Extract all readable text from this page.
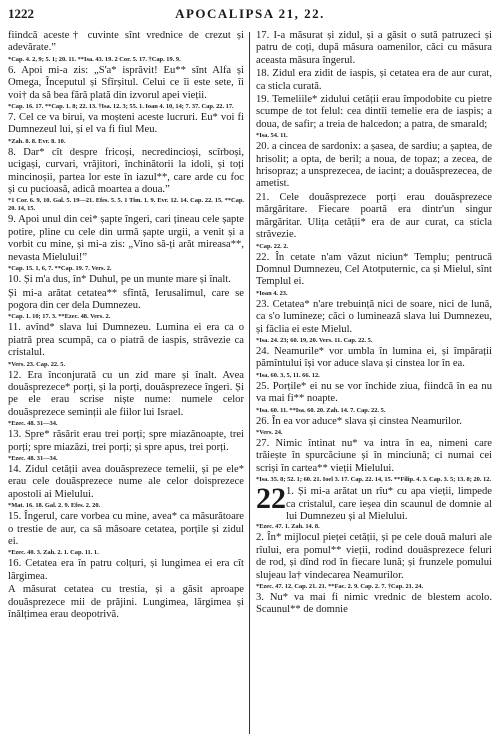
1222	APOCALIPSA 21, 22.
fiindcă aceste† cuvinte sînt vrednice de crezut și adevărate.”
*Cap. 4. 2, 9; 5. 1; 20. 11. **Isa. 43. 19. 2 Cor. 5. 17. †Cap. 19. 9.
6. Apoi mi-a zis: „S'a* isprăvit! Eu** sînt Alfa și Omega, Începutul și Sfîrșitul. Celui ce îi este sete, îi voi† da să bea fără plată din izvorul apei vieții.
*Cap. 16. 17. **Cap. 1. 8; 22. 13. †Isa. 12. 3; 55. 1. Ioan 4. 10, 14; 7. 37. Cap. 22. 17.
7. Cel ce va birui, va moșteni aceste lucruri. Eu* voi fi Dumnezeul lui, și el va fi fiul Meu.
*Zah. 8. 8. Evr. 8. 10.
8. Dar* cît despre fricoși, necredincioși, scîrboși, ucigași, curvari, vrăjitori, închinătorii la idoli, și toți mincinoșii, partea lor este în iazul**, care arde cu foc și cu pucioasă, adică moartea a doua.”
*1 Cor. 6. 9, 10. Gal. 5. 19—21. Efes. 5. 5. 1 Tim. 1. 9. Evr. 12. 14. Cap. 22. 15. **Cap. 20. 14, 15.
9. Apoi unul din cei* șapte îngeri, cari țineau cele șapte potire, pline cu cele din urmă șapte urgii, a venit și a vorbit cu mine, și mi-a zis: „Vino să-ți arăt mireasa**, nevasta Mielului!”
*Cap. 15. 1, 6, 7. **Cap. 19. 7. Vers. 2.
10. Și m'a dus, în* Duhul, pe un munte mare și înalt.
Și mi-a arătat cetatea** sfîntă, Ierusalimul, care se pogora din cer dela Dumnezeu.
*Cap. 1. 10; 17. 3. **Ezec. 48. Vers. 2.
11. avînd* slava lui Dumnezeu. Lumina ei era ca o piatră prea scumpă, ca o piatră de iaspis, străvezie ca cristalul.
*Vers. 23. Cap. 22. 5.
12. Era înconjurată cu un zid mare și înalt. Avea douăsprezece* porți, și la porți, douăsprezece îngeri. Și pe ele erau scrise niște nume: numele celor douăsprezece seminții ale fiilor lui Israel.
*Ezec. 48. 31—34.
13. Spre* răsărit erau trei porți; spre miazănoapte, trei porți; spre miazăzi, trei porți; și spre apus, trei porți.
*Ezec. 48. 31—34.
14. Zidul cetății avea douăsprezece temelii, și pe ele* erau cele douăsprezece nume ale celor doisprezece apostoli ai Mielului.
*Mat. 16. 18. Gal. 2. 9. Efes. 2. 20.
15. Îngerul, care vorbea cu mine, avea* ca măsurătoare o trestie de aur, ca să măsoare cetatea, porțile și zidul ei.
*Ezec. 40. 3. Zah. 2. 1. Cap. 11. 1.
16. Cetatea era în patru colțuri, și lungimea ei era cît lărgimea.
A măsurat cetatea cu trestia, și a găsit aproape douăsprezece mii de prăjini. Lungimea, lărgimea și înălțimea erau deopotrivă.
17. I-a măsurat și zidul, și a găsit o sută patruzeci și patru de coți, după măsura oamenilor, căci cu măsura aceasta măsura îngerul.
18. Zidul era zidit de iaspis, și cetatea era de aur curat, ca sticla curată.
19. Temeliile* zidului cetății erau împodobite cu pietre scumpe de tot felul: cea dintîi temelie era de iaspis; a doua, de safir; a treia de halcedon; a patra, de smarald;
*Isa. 54. 11.
20. a cincea de sardonix: a șasea, de sardiu; a șaptea, de hrisolit; a opta, de beril; a noua, de topaz; a zecea, de hrisopraz; a unsprezecea, de iacint; a douăsprezecea, de ametist.
21. Cele douăsprezece porți erau douăsprezece mărgăritare. Fiecare poartă era dintr'un singur mărgăritar. Ulița cetății* era de aur curat, ca sticla străvezie.
*Cap. 22. 2.
22. În cetate n'am văzut niciun* Templu; pentrucă Domnul Dumnezeu, Cel Atotputernic, ca și Mielul, sînt Templul ei.
*Ioan 4. 23.
23. Cetatea* n'are trebuință nici de soare, nici de lună, ca s'o lumineze; căci o luminează slava lui Dumnezeu, și făclia ei este Mielul.
*Isa. 24. 23; 60. 19, 20. Vers. 11. Cap. 22. 5.
24. Neamurile* vor umbla în lumina ei, și împărații pămîntului își vor aduce slava și cinstea lor în ea.
*Isa. 60. 3, 5, 11. 66. 12.
25. Porțile* ei nu se vor închide ziua, fiindcă în ea nu va mai fi** noapte.
*Isa. 60. 11. **Isa. 60. 20. Zah. 14. 7. Cap. 22. 5.
26. În ea vor aduce* slava și cinstea Neamurilor.
*Vers. 24.
27. Nimic întinat nu* va intra în ea, nimeni care trăiește în spurcăciune și în minciună; ci numai cei scriși în cartea** vieții Mielului.
*Isa. 35. 8; 52. 1; 60. 21. Ioel 3. 17. Cap. 22. 14, 15. **Filip. 4. 3. Cap. 3. 5; 13. 8; 20. 12.
22 1. Și mi-a arătat un rîu* cu apa vieții, limpede ca cristalul, care ieșea din scaunul de domnie al lui Dumnezeu și al Mielului.
*Ezec. 47. 1. Zah. 14. 8.
2. În* mijlocul pieței cetății, și pe cele două maluri ale rîului, era pomul** vieții, rodind douăsprezece feluri de rod, și dînd rod în fiecare lună; și frunzele pomului slujeau la† vindecarea Neamurilor.
*Ezec. 47. 12. Cap. 21. 21. **Fac. 2. 9. Cap. 2. 7. †Cap. 21. 24.
3. Nu* va mai fi nimic vrednic de blestem acolo. Scaunul** de domnie
